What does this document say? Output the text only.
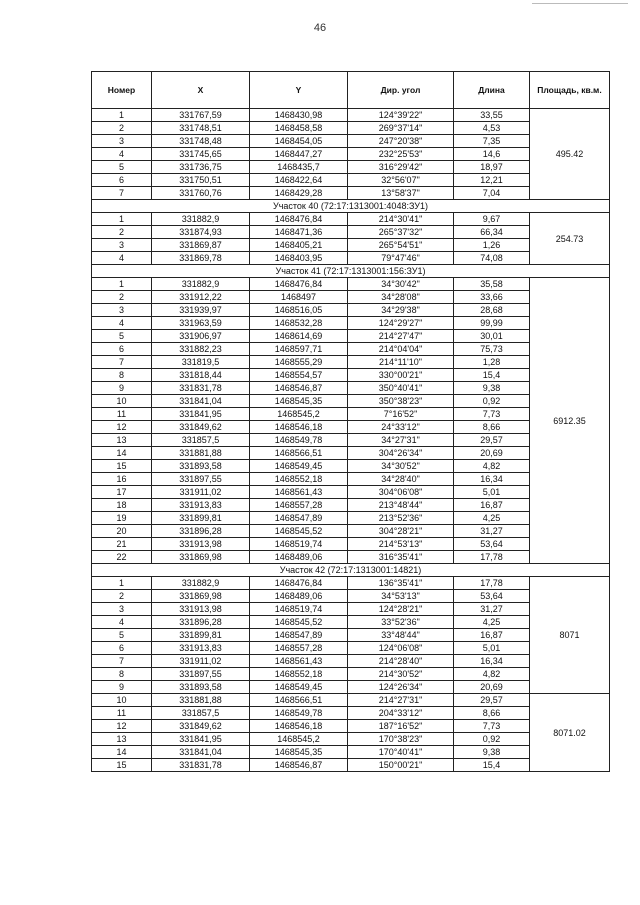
46
Номер	X	Y	Дир. угол	Длина	Площадь, кв.м.
1	331767,59	1468430,98	124°39'22"	33,55	495.42
2	331748,51	1468458,58	269°37'14"	4,53	
3	331748,48	1468454,05	247°20'38"	7,35	
4	331745,65	1468447,27	232°25'53"	14,6	
5	331736,75	1468435,7	316°29'42"	18,97	
6	331750,51	1468422,64	32°56'07"	12,21	
7	331760,76	1468429,28	13°58'37"	7,04	
Участок 40 (72:17:1313001:4048:ЗУ1)					
1	331882,9	1468476,84	214°30'41"	9,67	254.73
2	331874,93	1468471,36	265°37'32"	66,34	
3	331869,87	1468405,21	265°54'51"	1,26	
4	331869,78	1468403,95	79°47'46"	74,08	
Участок 41 (72:17:1313001:156:ЗУ1)					
1	331882,9	1468476,84	34°30'42"	35,58	6912.35
2	331912,22	1468497	34°28'08"	33,66	
3	331939,97	1468516,05	34°29'38"	28,68	
4	331963,59	1468532,28	124°29'27"	99,99	
5	331906,97	1468614,69	214°27'47"	30,01	
6	331882,23	1468597,71	214°04'04"	75,73	
7	331819,5	1468555,29	214°11'10"	1,28	
8	331818,44	1468554,57	330°00'21"	15,4	
9	331831,78	1468546,87	350°40'41"	9,38	
10	331841,04	1468545,35	350°38'23"	0,92	
11	331841,95	1468545,2	7°16'52"	7,73	
12	331849,62	1468546,18	24°33'12"	8,66	
13	331857,5	1468549,78	34°27'31"	29,57	
14	331881,88	1468566,51	304°26'34"	20,69	
15	331893,58	1468549,45	34°30'52"	4,82	
16	331897,55	1468552,18	34°28'40"	16,34	
17	331911,02	1468561,43	304°06'08"	5,01	
18	331913,83	1468557,28	213°48'44"	16,87	
19	331899,81	1468547,89	213°52'36"	4,25	
20	331896,28	1468545,52	304°28'21"	31,27	
21	331913,98	1468519,74	214°53'13"	53,64	
22	331869,98	1468489,06	316°35'41"	17,78	
Участок 42 (72:17:1313001:14821)					
1	331882,9	1468476,84	136°35'41"	17,78	8071
2	331869,98	1468489,06	34°53'13"	53,64	
3	331913,98	1468519,74	124°28'21"	31,27	
4	331896,28	1468545,52	33°52'36"	4,25	
5	331899,81	1468547,89	33°48'44"	16,87	
6	331913,83	1468557,28	124°06'08"	5,01	
7	331911,02	1468561,43	214°28'40"	16,34	
8	331897,55	1468552,18	214°30'52"	4,82	
9	331893,58	1468549,45	124°26'34"	20,69	
10	331881,88	1468566,51	214°27'31"	29,57	8071.02
11	331857,5	1468549,78	204°33'12"	8,66	
12	331849,62	1468546,18	187°16'52"	7,73	
13	331841,95	1468545,2	170°38'23"	0,92	
14	331841,04	1468545,35	170°40'41"	9,38	
15	331831,78	1468546,87	150°00'21"	15,4	
